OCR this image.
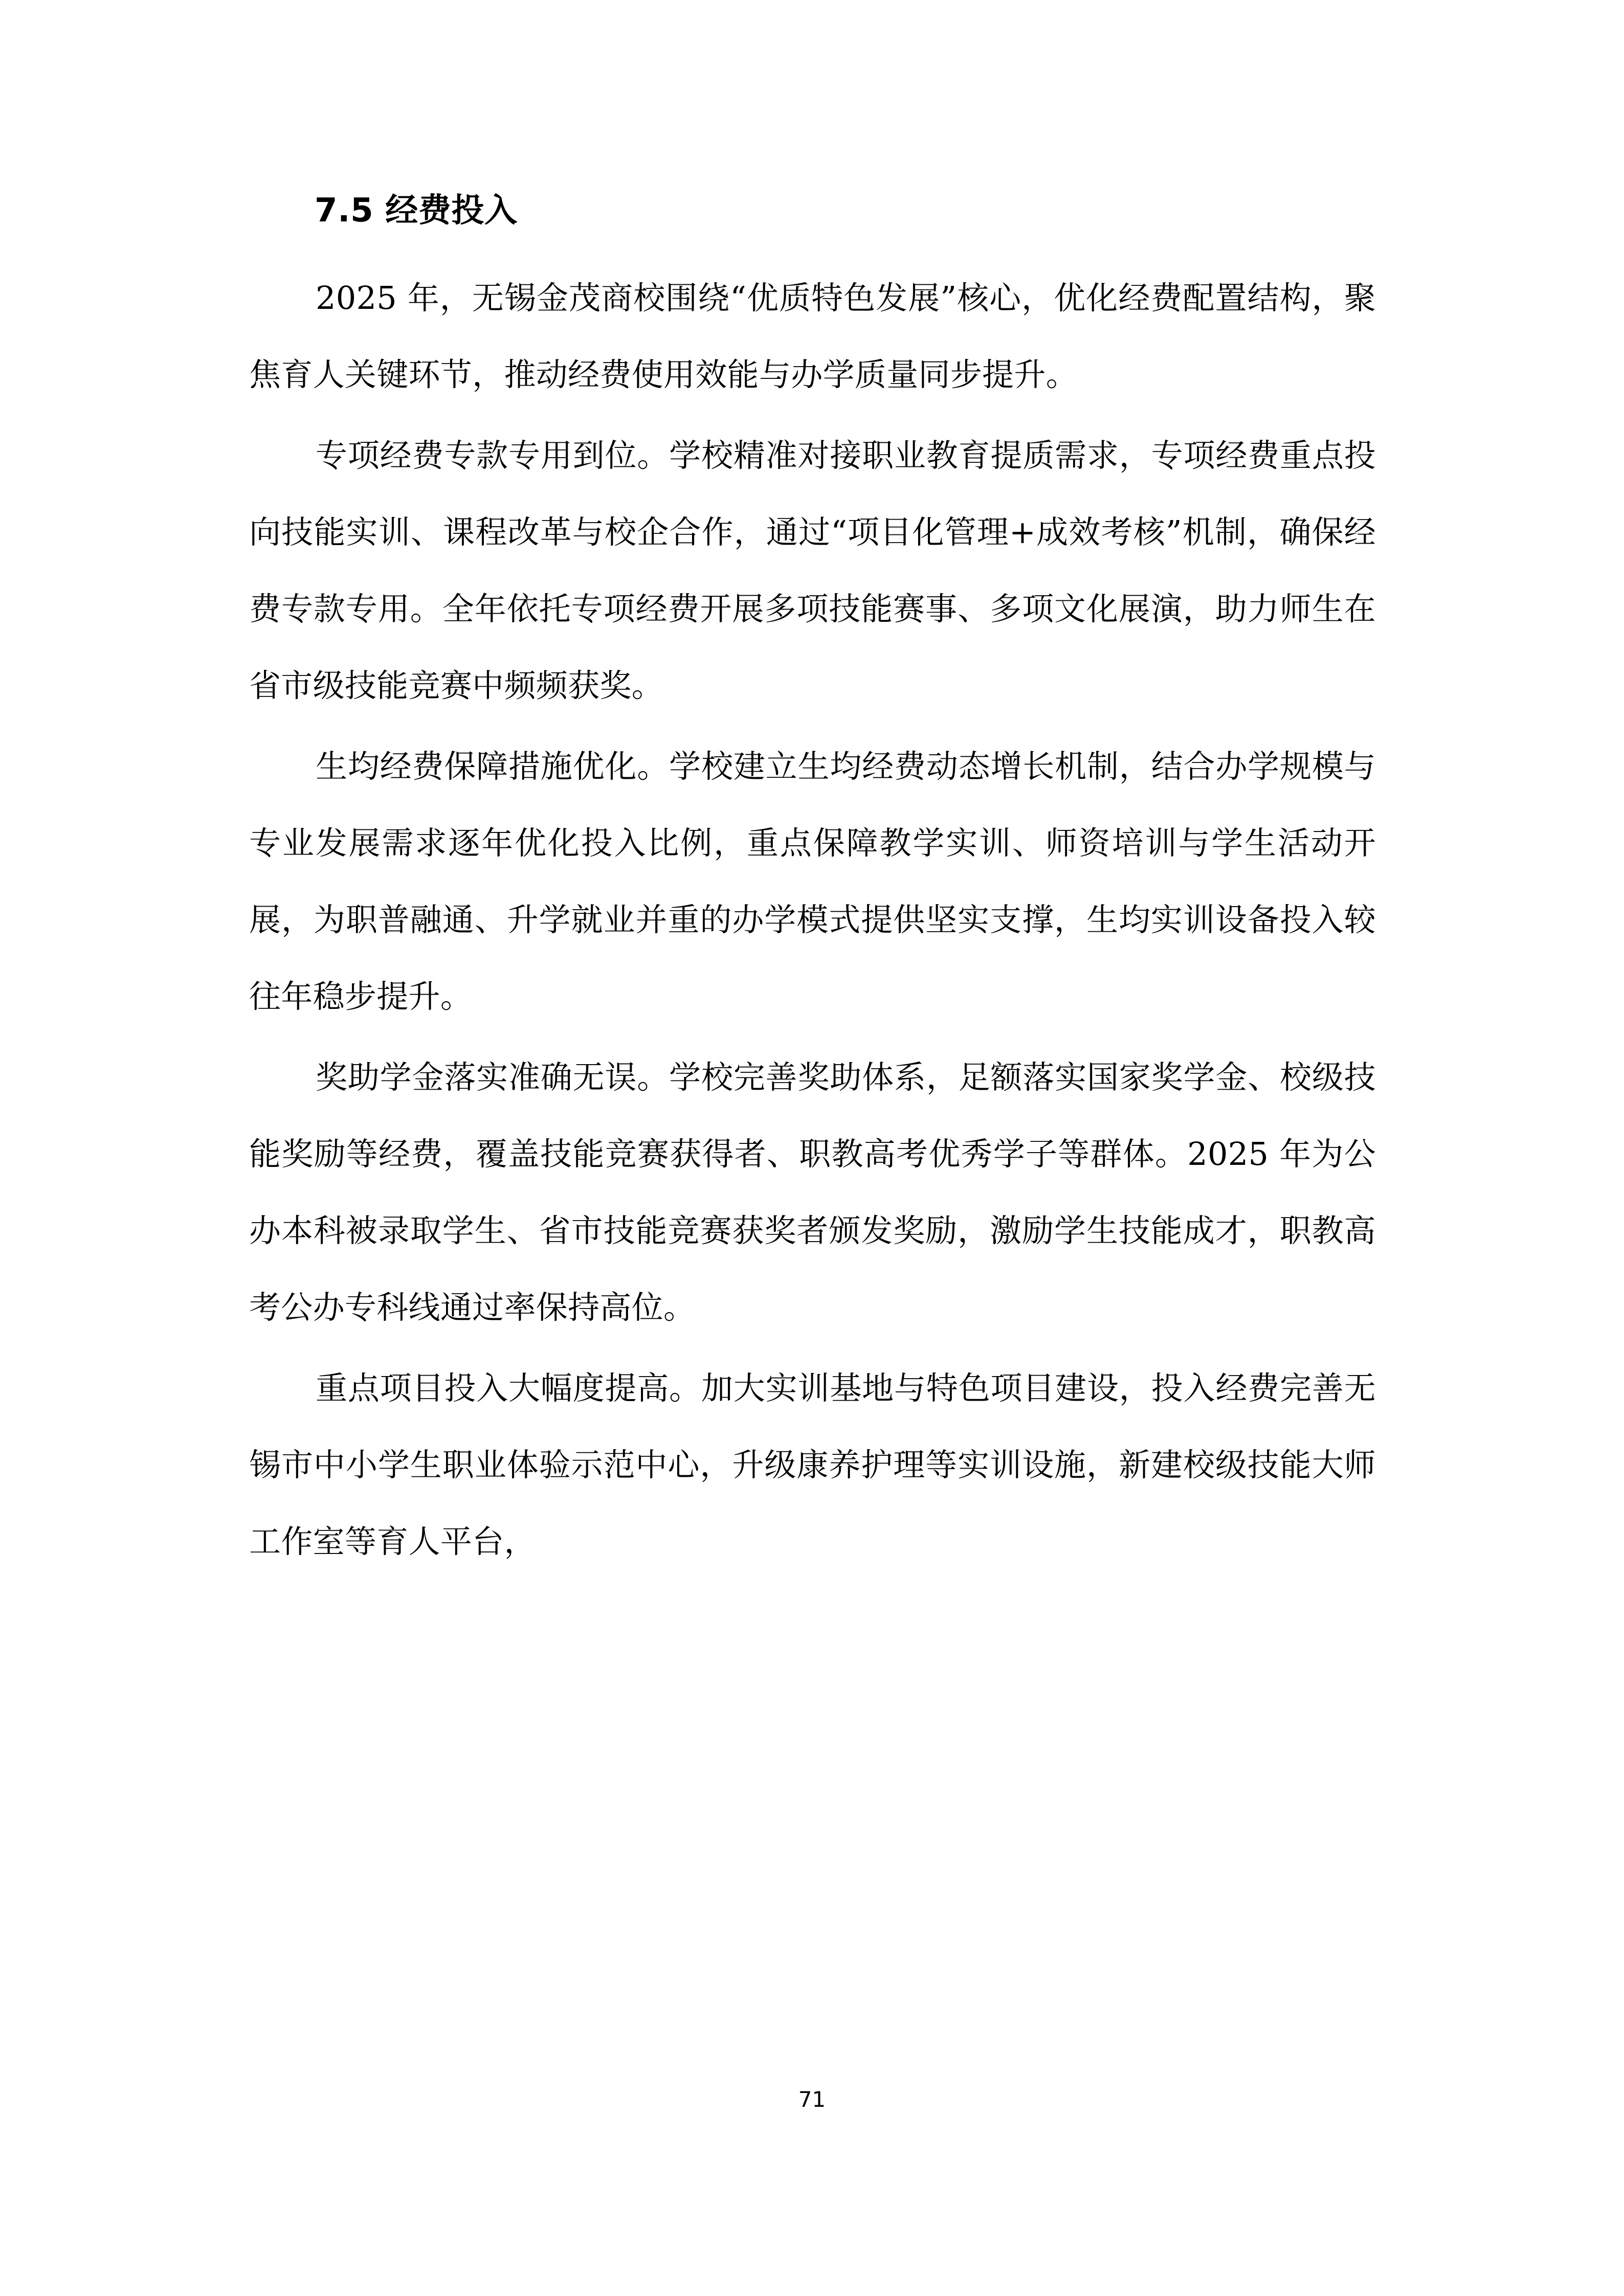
7.5 经费投入

2025 年，无锡金茂商校围绕“优质特色发展”核心，优化经费配置结构，聚焦育人关键环节，推动经费使用效能与办学质量同步提升。

专项经费专款专用到位。学校精准对接职业教育提质需求，专项经费重点投向技能实训、课程改革与校企合作，通过“项目化管理+成效考核”机制，确保经费专款专用。全年依托专项经费开展多项技能赛事、多项文化展演，助力师生在省市级技能竞赛中频频获奖。

生均经费保障措施优化。学校建立生均经费动态增长机制，结合办学规模与专业发展需求逐年优化投入比例，重点保障教学实训、师资培训与学生活动开展，为职普融通、升学就业并重的办学模式提供坚实支撑，生均实训设备投入较往年稳步提升。

奖助学金落实准确无误。学校完善奖助体系，足额落实国家奖学金、校级技能奖励等经费，覆盖技能竞赛获得者、职教高考优秀学子等群体。2025 年为公办本科被录取学生、省市技能竞赛获奖者颁发奖励，激励学生技能成才，职教高考公办专科线通过率保持高位。

重点项目投入大幅度提高。加大实训基地与特色项目建设，投入经费完善无锡市中小学生职业体验示范中心，升级康养护理等实训设施，新建校级技能大师工作室等育人平台，

71
